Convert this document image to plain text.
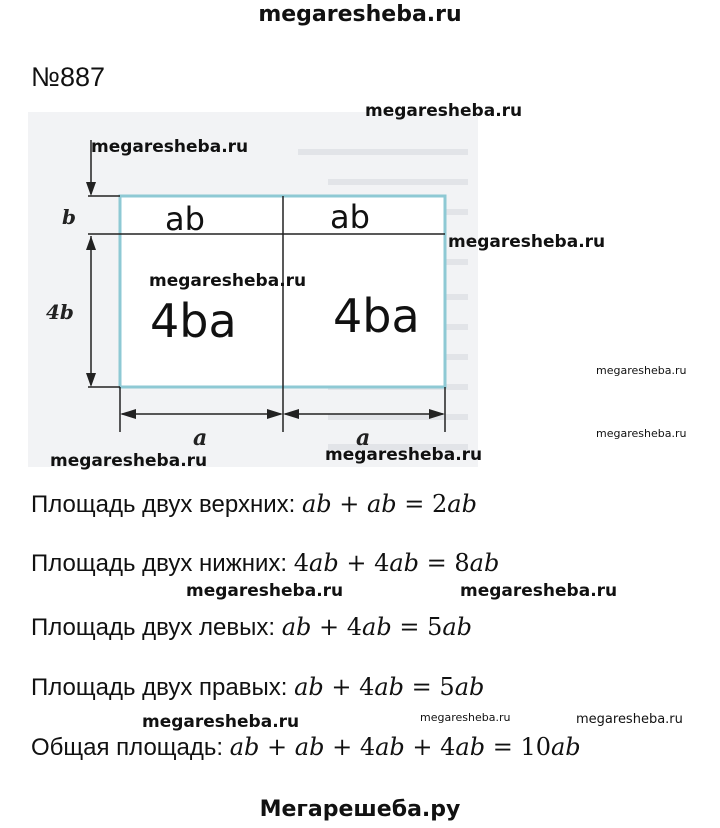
megaresheba.ru
№887
b
4b
a	a
ab	ab
4ba 4ba
megaresheba.ru
megaresheba.ru
megaresheba.ru
megaresheba.ru
megaresheba.ru
megaresheba.ru
megaresheba.ru	megaresheba.ru
megaresheba.ru	megaresheba.ru
megaresheba.ru	megaresheba.ru	megaresheba.ru
Площадь двух верхних: ab + ab = 2ab
Площадь двух нижних: 4ab + 4ab = 8ab
Площадь двух левых: ab + 4ab = 5ab
Площадь двух правых: ab + 4ab = 5ab
Общая площадь: ab + ab + 4ab + 4ab = 10ab
Мегарешеба.ру
